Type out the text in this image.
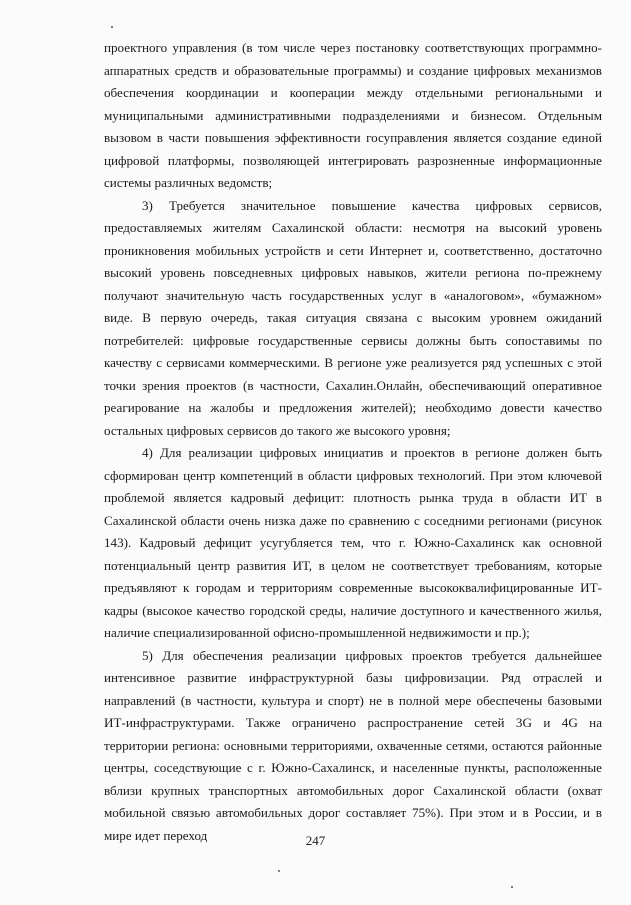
проектного управления (в том числе через постановку соответствующих программно-аппаратных средств и образовательные программы) и создание цифровых механизмов обеспечения координации и кооперации между отдельными региональными и муниципальными административными подразделениями и бизнесом. Отдельным вызовом в части повышения эффективности госуправления является создание единой цифровой платформы, позволяющей интегрировать разрозненные информационные системы различных ведомств;

3) Требуется значительное повышение качества цифровых сервисов, предоставляемых жителям Сахалинской области: несмотря на высокий уровень проникновения мобильных устройств и сети Интернет и, соответственно, достаточно высокий уровень повседневных цифровых навыков, жители региона по-прежнему получают значительную часть государственных услуг в «аналоговом», «бумажном» виде. В первую очередь, такая ситуация связана с высоким уровнем ожиданий потребителей: цифровые государственные сервисы должны быть сопоставимы по качеству с сервисами коммерческими. В регионе уже реализуется ряд успешных с этой точки зрения проектов (в частности, Сахалин.Онлайн, обеспечивающий оперативное реагирование на жалобы и предложения жителей); необходимо довести качество остальных цифровых сервисов до такого же высокого уровня;

4) Для реализации цифровых инициатив и проектов в регионе должен быть сформирован центр компетенций в области цифровых технологий. При этом ключевой проблемой является кадровый дефицит: плотность рынка труда в области ИТ в Сахалинской области очень низка даже по сравнению с соседними регионами (рисунок 143). Кадровый дефицит усугубляется тем, что г. Южно-Сахалинск как основной потенциальный центр развития ИТ, в целом не соответствует требованиям, которые предъявляют к городам и территориям современные высококвалифицированные ИТ-кадры (высокое качество городской среды, наличие доступного и качественного жилья, наличие специализированной офисно-промышленной недвижимости и пр.);

5) Для обеспечения реализации цифровых проектов требуется дальнейшее интенсивное развитие инфраструктурной базы цифровизации. Ряд отраслей и направлений (в частности, культура и спорт) не в полной мере обеспечены базовыми ИТ-инфраструктурами. Также ограничено распространение сетей 3G и 4G на территории региона: основными территориями, охваченные сетями, остаются районные центры, соседствующие с г. Южно-Сахалинск, и населенные пункты, расположенные вблизи крупных транспортных автомобильных дорог Сахалинской области (охват мобильной связью автомобильных дорог составляет 75%). При этом и в России, и в мире идет переход	247
